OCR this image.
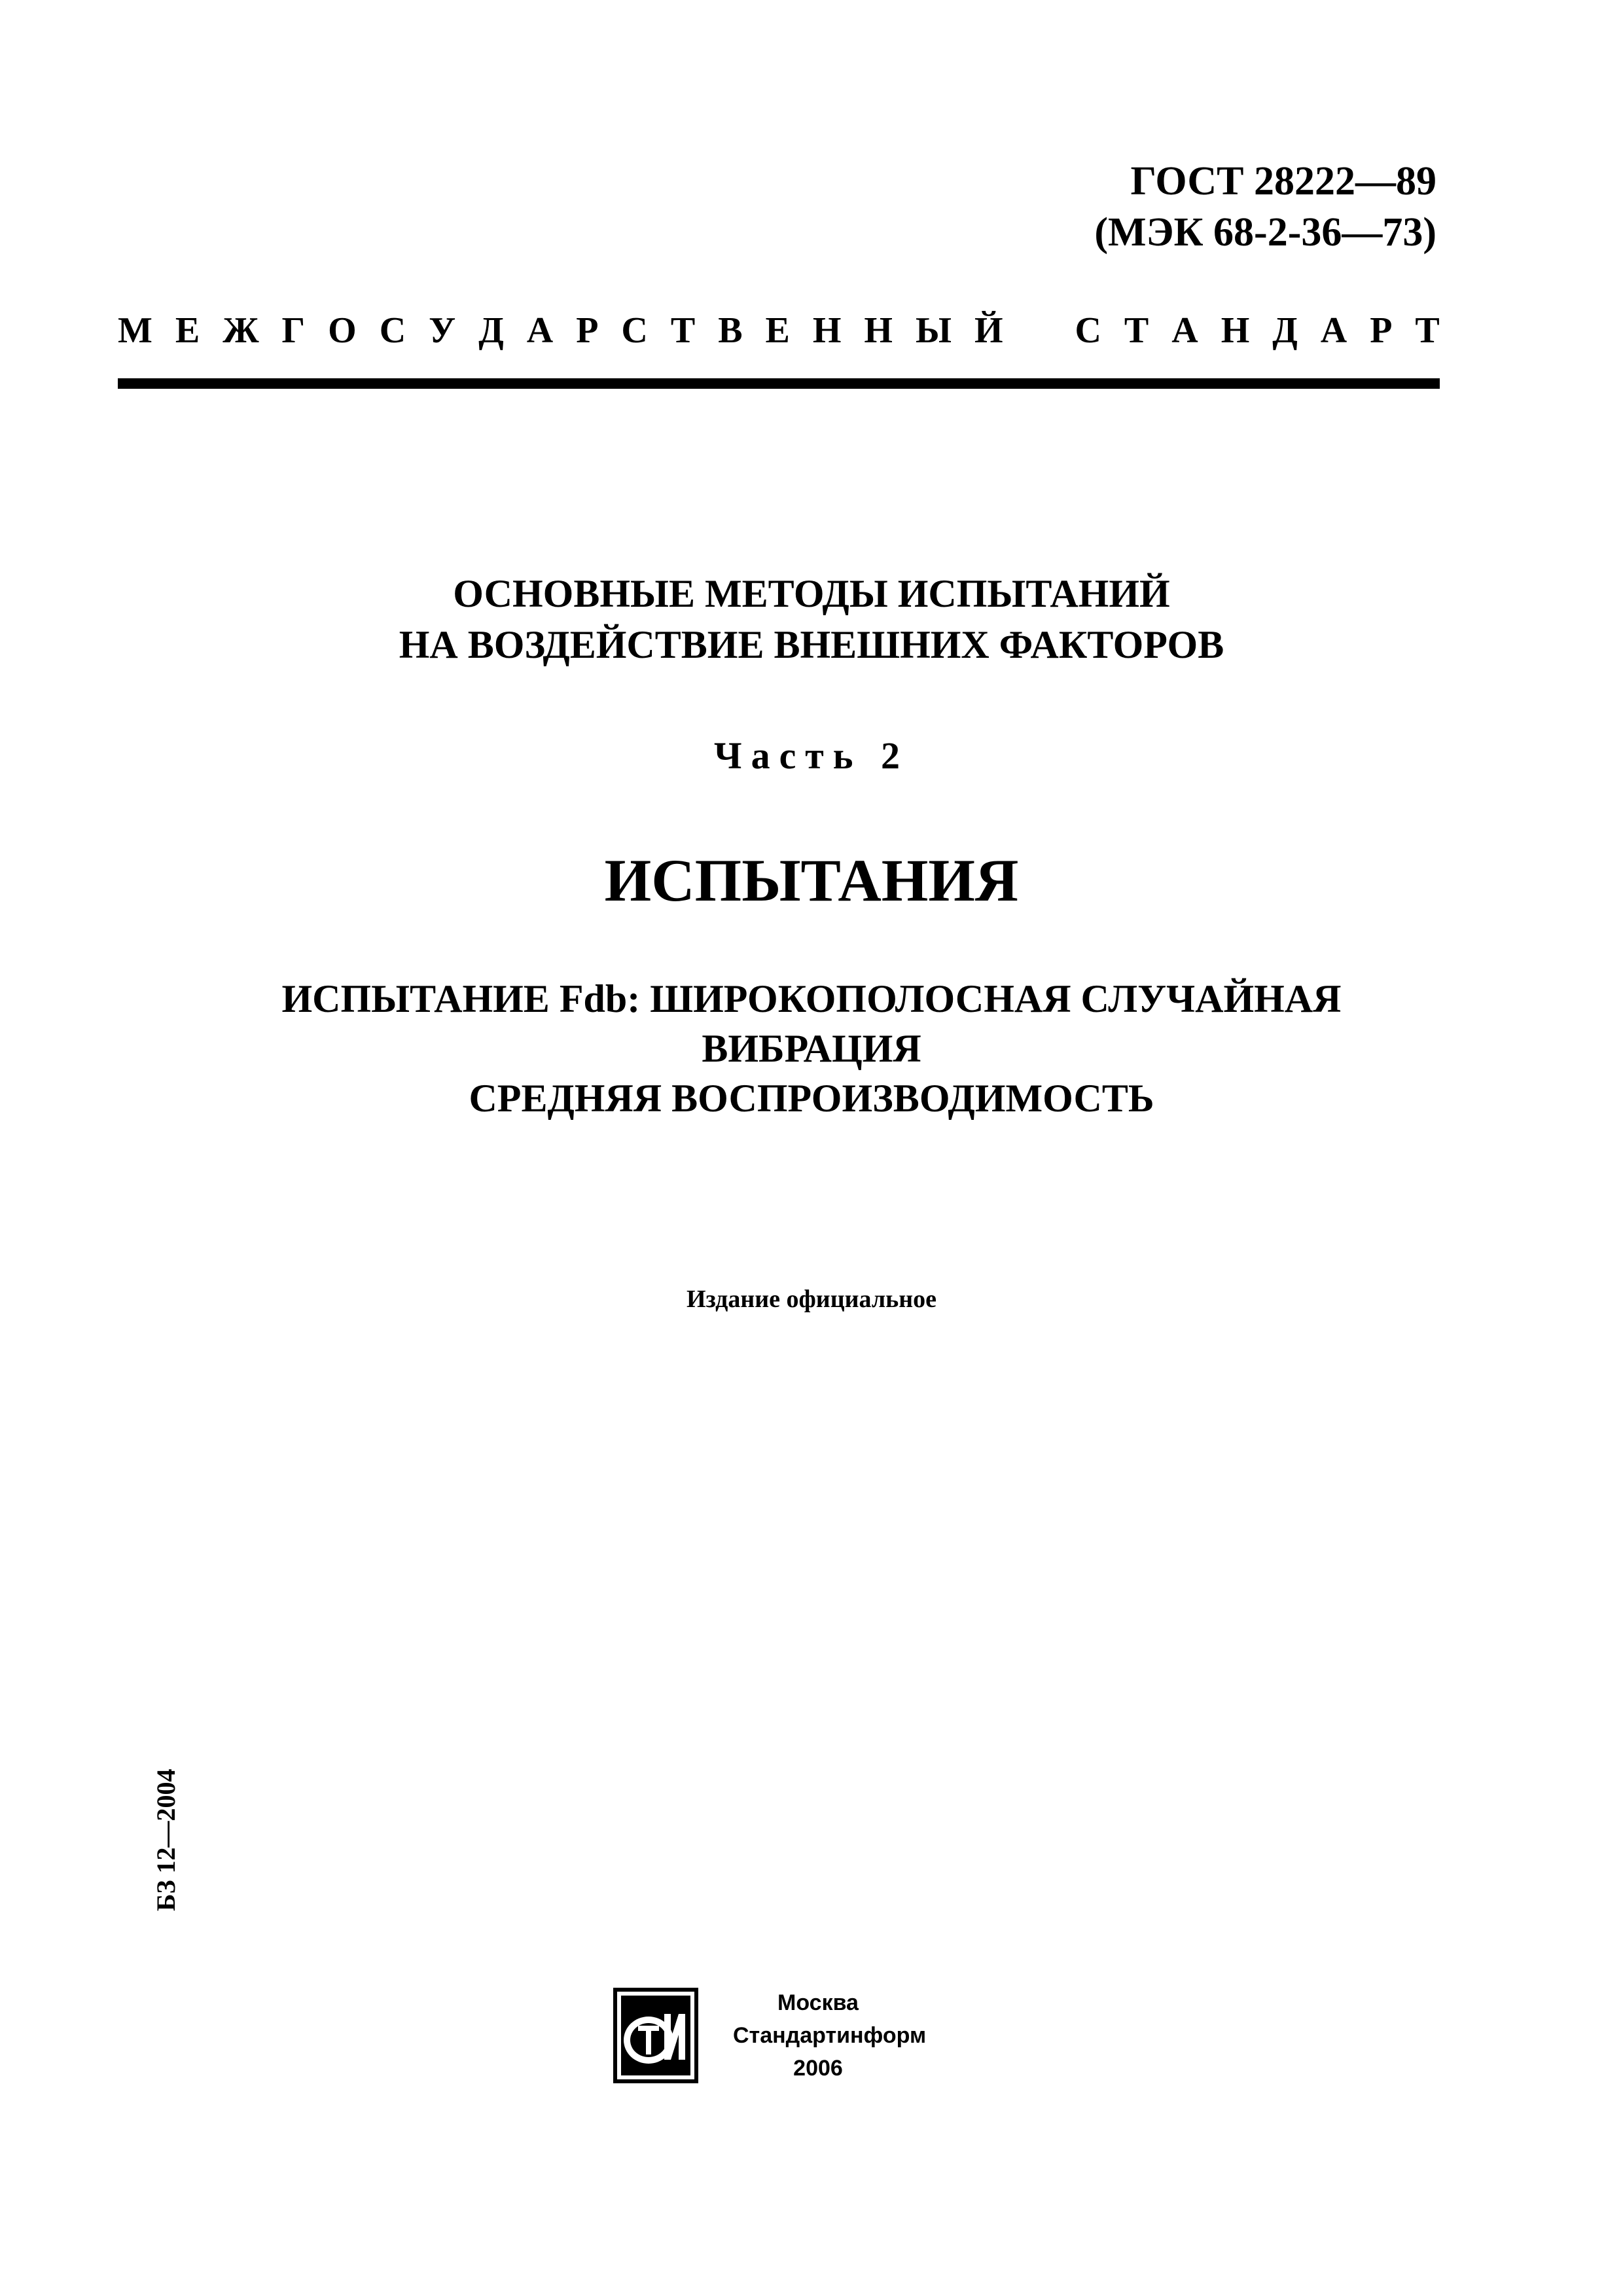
ГОСТ 28222—89
(МЭК 68-2-36—73)
М Е Ж Г О С У Д А Р С Т В Е Н Н Ы Й С Т А Н Д А Р Т
ОСНОВНЫЕ МЕТОДЫ ИСПЫТАНИЙ
НА ВОЗДЕЙСТВИЕ ВНЕШНИХ ФАКТОРОВ
Часть 2
ИСПЫТАНИЯ
ИСПЫТАНИЕ Fdb: ШИРОКОПОЛОСНАЯ СЛУЧАЙНАЯ
ВИБРАЦИЯ
СРЕДНЯЯ ВОСПРОИЗВОДИМОСТЬ
Издание официальное
БЗ 12—2004
Москва
Стандартинформ
2006
